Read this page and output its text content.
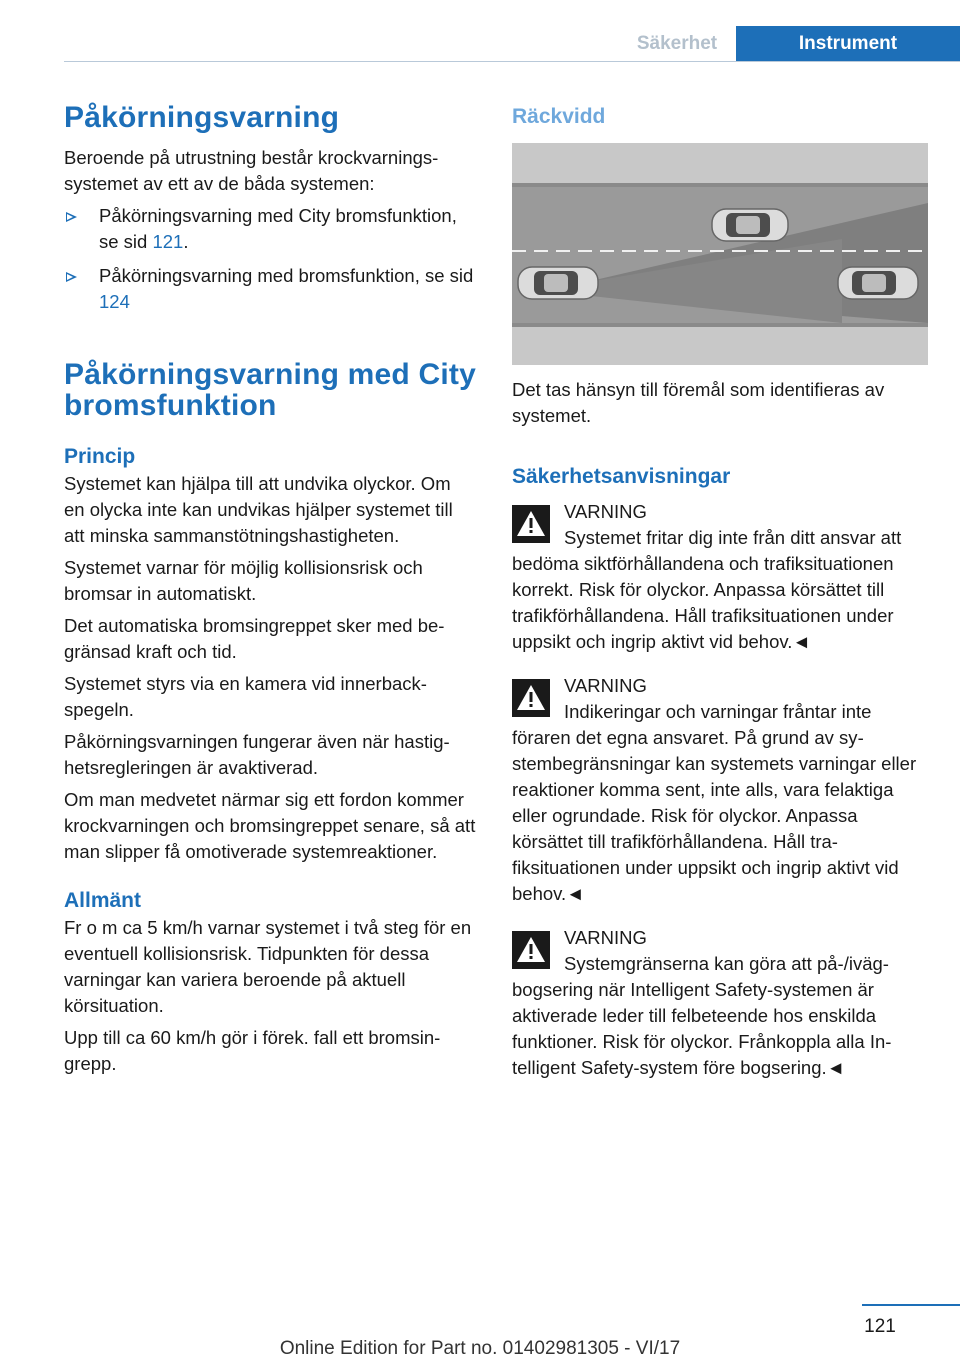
Säkerhet	Instrument
Påkörningsvarning

Beroende på utrustning består krockvarningssystemet av ett av de båda systemen:

Påkörningsvarning med City bromsfunktion, se sid 121.
Påkörningsvarning med bromsfunktion, se sid 124
Påkörningsvarning med City bromsfunktion
Princip

Systemet kan hjälpa till att undvika olyckor. Om en olycka inte kan undvikas hjälper systemet till att minska sammanstötningshastigheten.

Systemet varnar för möjlig kollisionsrisk och bromsar in automatiskt.

Det automatiska bromsingreppet sker med begränsad kraft och tid.

Systemet styrs via en kamera vid innerbackspegeln.

Påkörningsvarningen fungerar även när hastighetsregleringen är avaktiverad.

Om man medvetet närmar sig ett fordon kommer krockvarningen och bromsingreppet senare, så att man slipper få omotiverade systemreaktioner.

Allmänt

Fr o m ca 5 km/h varnar systemet i två steg för en eventuell kollisionsrisk. Tidpunkten för dessa varningar kan variera beroende på aktuell körsituation.

Upp till ca 60 km/h gör i förek. fall ett bromsingrepp.

Räckvidd

Det tas hänsyn till föremål som identifieras av systemet.

Säkerhetsanvisningar

VARNING

Systemet fritar dig inte från ditt ansvar att bedöma siktförhållandena och trafiksituationen korrekt. Risk för olyckor. Anpassa körsättet till trafikförhållandena. Håll trafiksituationen under uppsikt och ingrip aktivt vid behov.◄

VARNING

Indikeringar och varningar fråntar inte föraren det egna ansvaret. På grund av systembegränsningar kan systemets varningar eller reaktioner komma sent, inte alls, vara felaktiga eller ogrundade. Risk för olyckor. Anpassa körsättet till trafikförhållandena. Håll trafiksituationen under uppsikt och ingrip aktivt vid behov.◄

VARNING

Systemgränserna kan göra att på-/ivägbogsering när Intelligent Safety-systemen är aktiverade leder till felbeteende hos enskilda funktioner. Risk för olyckor. Frånkoppla alla Intelligent Safety-system före bogsering.◄

121
Online Edition for Part no. 01402981305 - VI/17
